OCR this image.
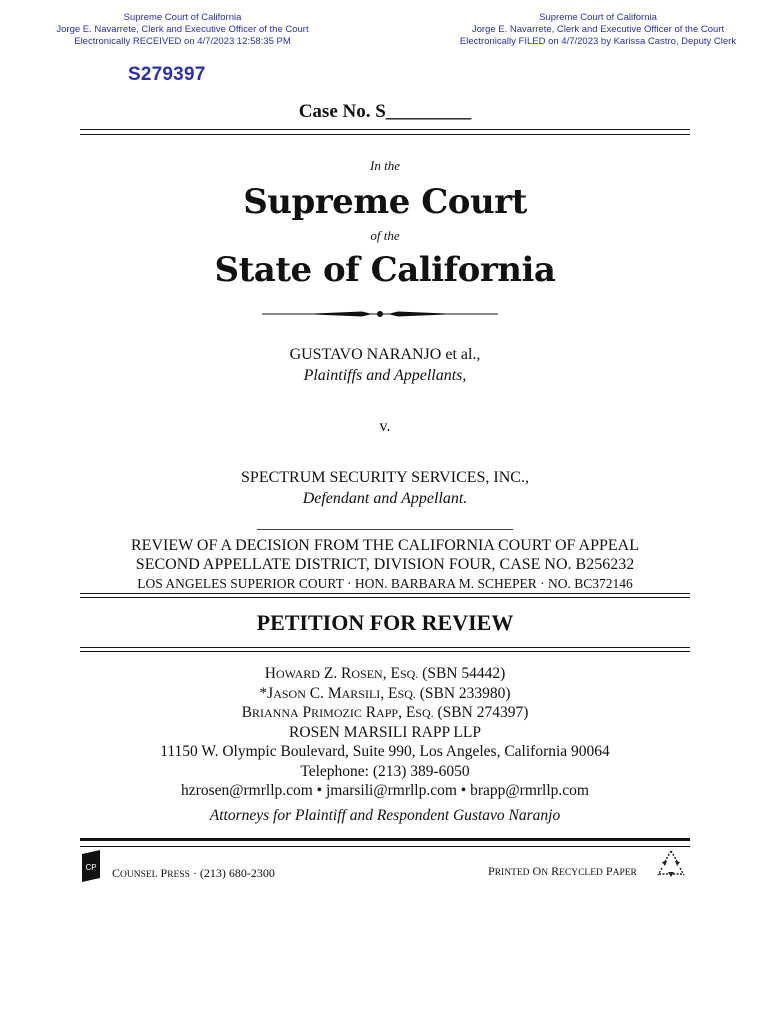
Supreme Court of California
Jorge E. Navarrete, Clerk and Executive Officer of the Court
Electronically RECEIVED on 4/7/2023 12:58:35 PM
Supreme Court of California
Jorge E. Navarrete, Clerk and Executive Officer of the Court
Electronically FILED on 4/7/2023 by Karissa Castro, Deputy Clerk
S279397
Case No. S_________
In the
Supreme Court
of the
State of California
GUSTAVO NARANJO et al.,
Plaintiffs and Appellants,
v.
SPECTRUM SECURITY SERVICES, INC.,
Defendant and Appellant.
________________________________
REVIEW OF A DECISION FROM THE CALIFORNIA COURT OF APPEAL
SECOND APPELLATE DISTRICT, DIVISION FOUR, CASE NO. B256232
LOS ANGELES SUPERIOR COURT · HON. BARBARA M. SCHEPER · NO. BC372146
PETITION FOR REVIEW
HOWARD Z. ROSEN, ESQ. (SBN 54442)
*JASON C. MARSILI, ESQ. (SBN 233980)
BRIANNA PRIMOZIC RAPP, ESQ. (SBN 274397)
ROSEN MARSILI RAPP LLP
11150 W. Olympic Boulevard, Suite 990, Los Angeles, California 90064
Telephone: (213) 389-6050
hzrosen@rmrllp.com • jmarsili@rmrllp.com • brapp@rmrllp.com
Attorneys for Plaintiff and Respondent Gustavo Naranjo
CP COUNSEL PRESS · (213) 680-2300	PRINTED ON RECYCLED PAPER
